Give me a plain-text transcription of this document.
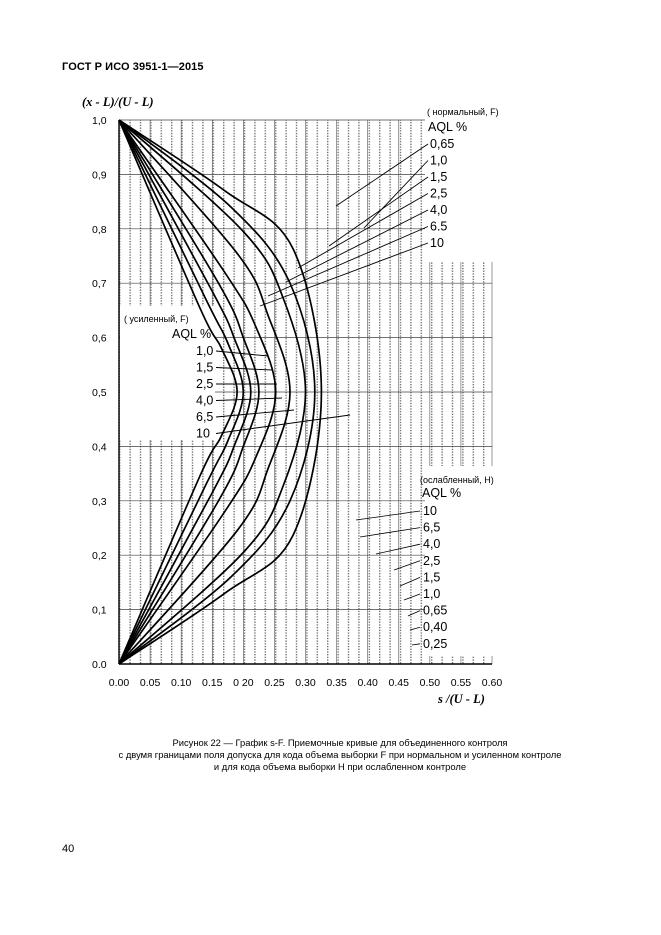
ГОСТ Р ИСО 3951-1—2015
0.00 0.05 0.10 0.15 0 20 0.25 0.30 0.35 0.40 0.45 0.50 0.55 0.60
0.0
0,1
0,2
0,3
0,4
0,5
0,6
0,7
0,8
0,9
1,0
(x - L)/(U - L)
s /(U - L)
( нормальный, F)
AQL %
0,65
1,0
1,5
2,5
4,0
6.5
10
( усиленный, F)
AQL %
1,0
1,5
2,5
4,0
6,5
10
(ослабленный, H)
AQL %
10
6,5
4,0
2,5
1,5
1,0
0,65
0,40
0,25
Рисунок 22 — График s-F. Приемочные кривые для объединенного контроля
с двумя границами поля допуска для кода объема выборки F при нормальном и усиленном контроле
и для кода объема выборки H при ослабленном контроле
40
